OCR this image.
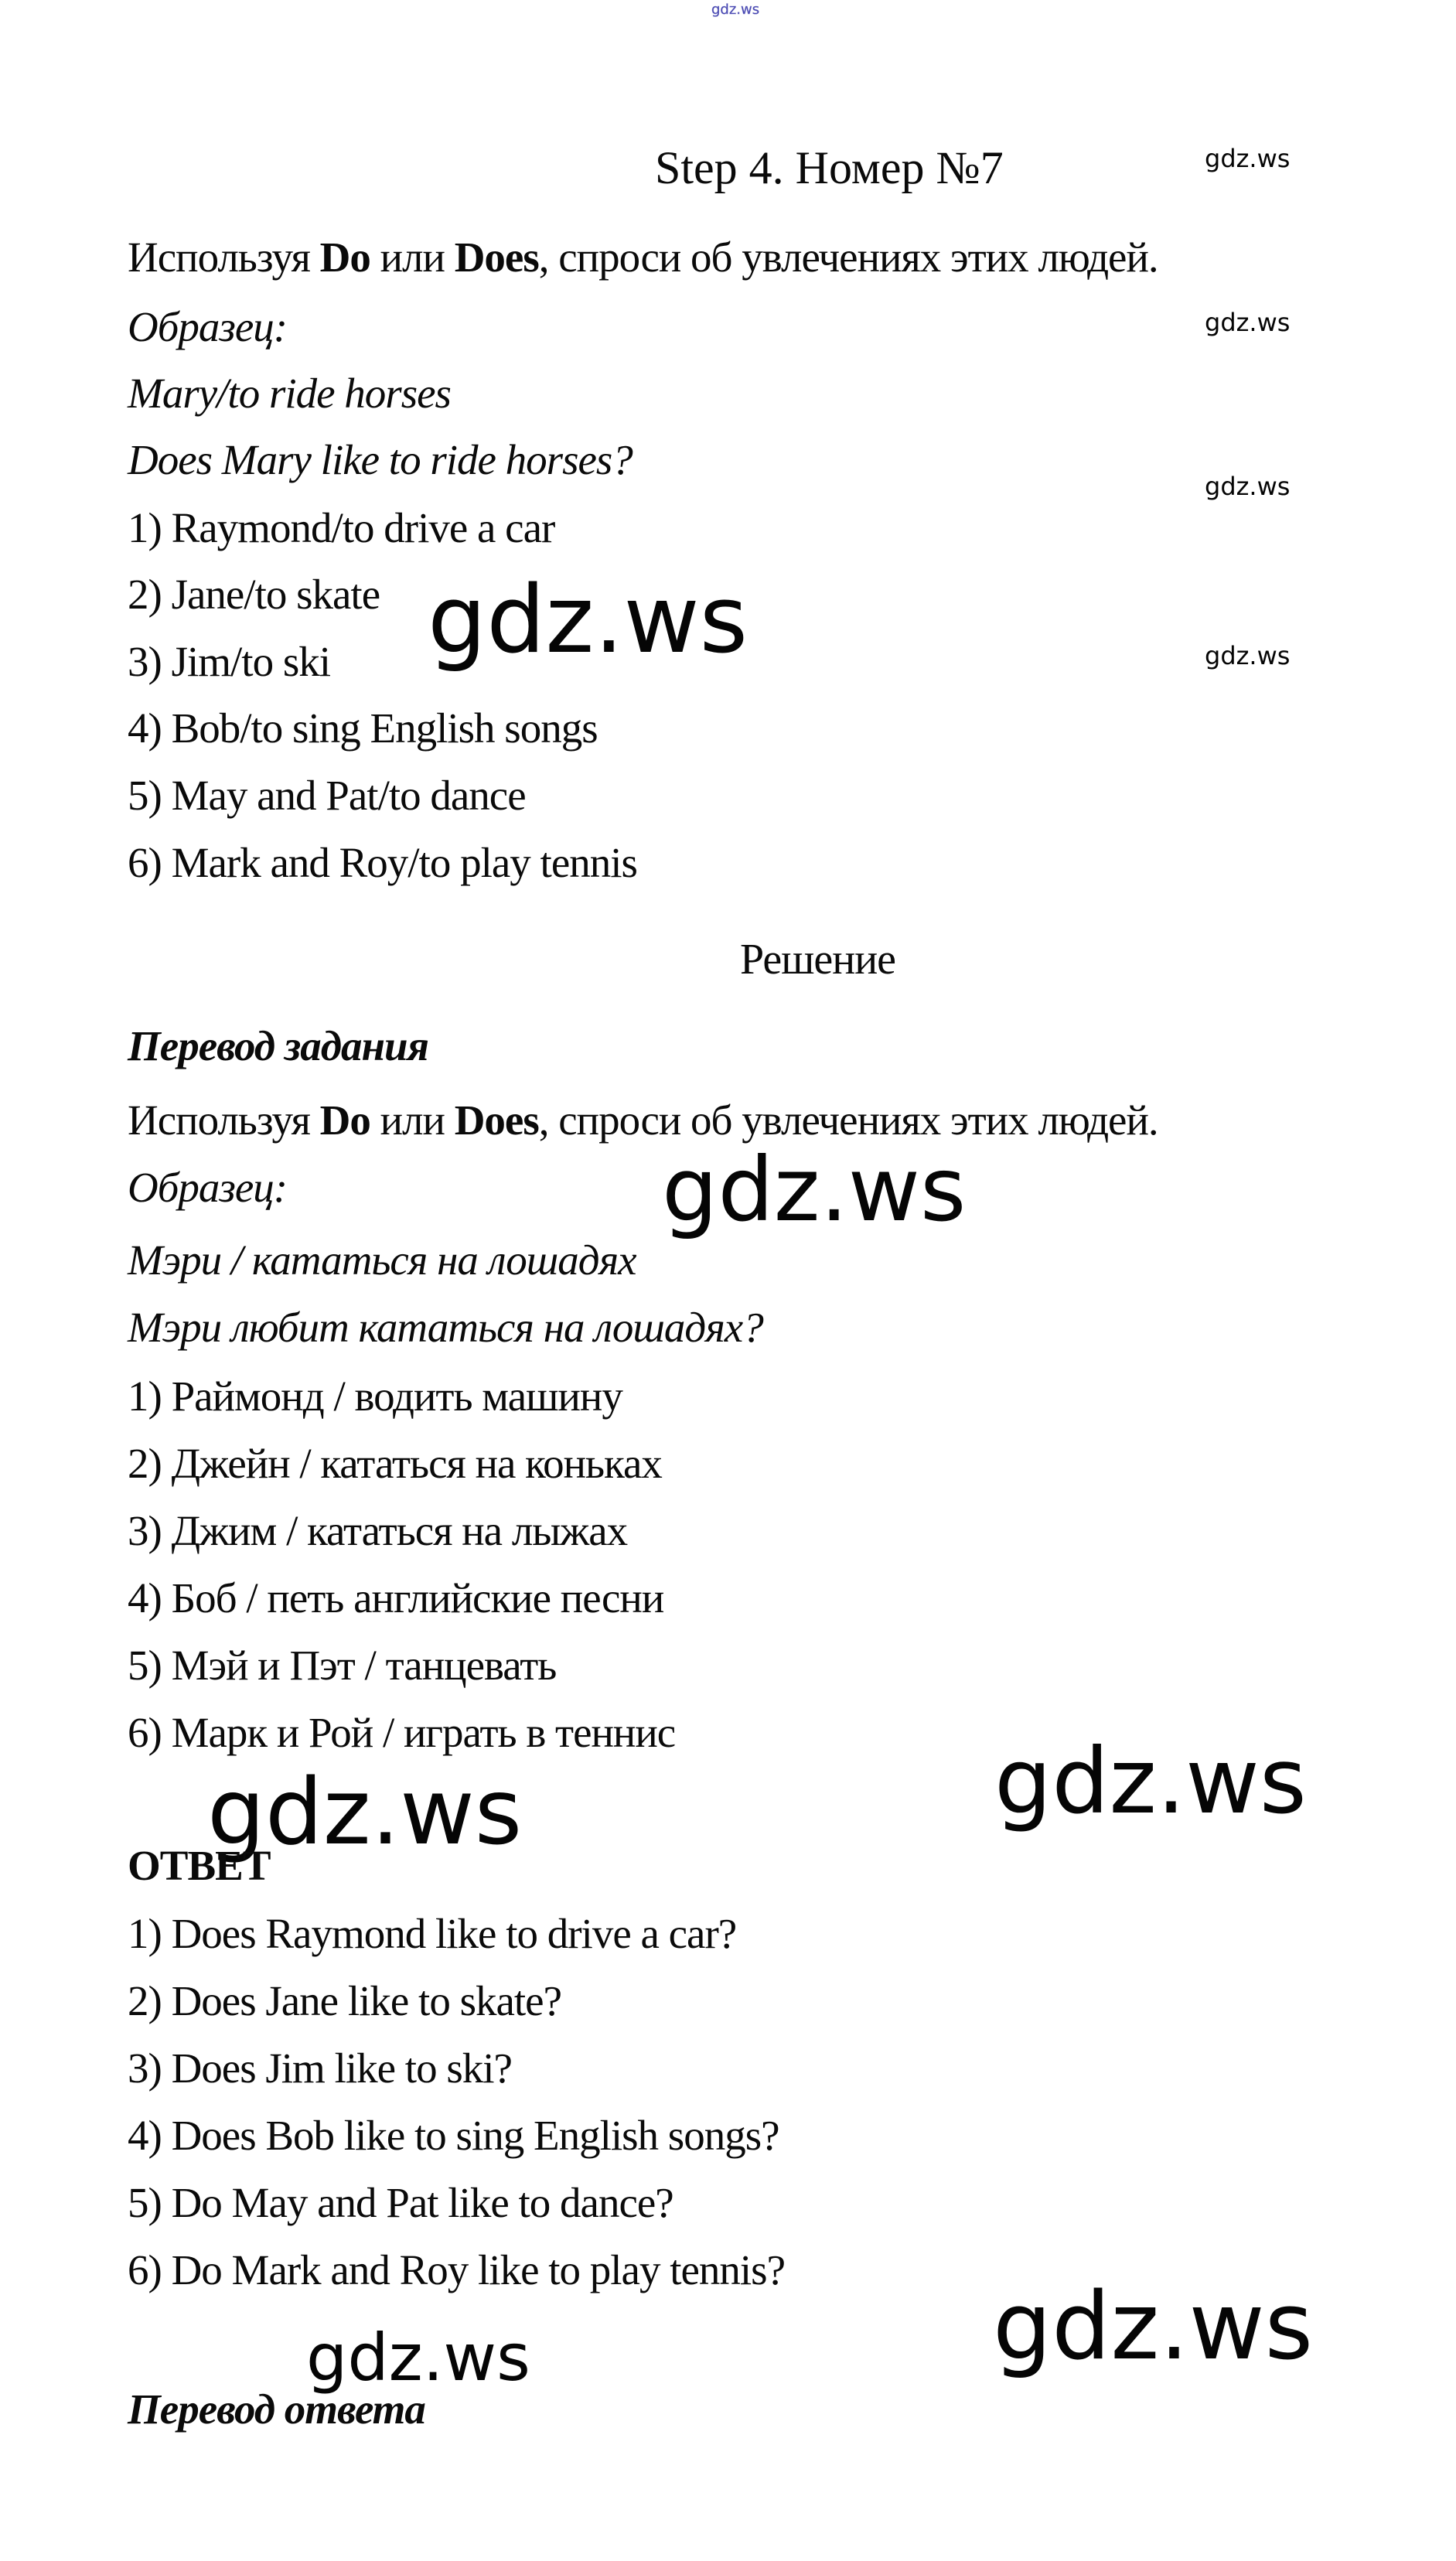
gdz.ws
Step 4. Номер №7	gdz.ws
gdz.ws
gdz.ws
gdz.ws
Используя Do или Does, спроси об увлечениях этих людей.
Образец:
Mary/to ride horses
Does Mary like to ride horses?
1) Raymond/to drive a car
2) Jane/to skate
3) Jim/to ski
4) Bob/to sing English songs
5) May and Pat/to dance
6) Mark and Roy/to play tennis
gdz.ws
Решение
Перевод задания
Используя Do или Does, спроси об увлечениях этих людей.
Образец:	gdz.ws
Мэри / кататься на лошадях
Мэри любит кататься на лошадях?
1) Раймонд / водить машину
2) Джейн / кататься на коньках
3) Джим / кататься на лыжах
4) Боб / петь английские песни
5) Мэй и Пэт / танцевать
6) Марк и Рой / играть в теннис
gdz.ws	gdz.ws
ОТВЕТ
1) Does Raymond like to drive a car?
2) Does Jane like to skate?
3) Does Jim like to ski?
4) Does Bob like to sing English songs?
5) Do May and Pat like to dance?
6) Do Mark and Roy like to play tennis?
gdz.ws	gdz.ws
Перевод ответа
